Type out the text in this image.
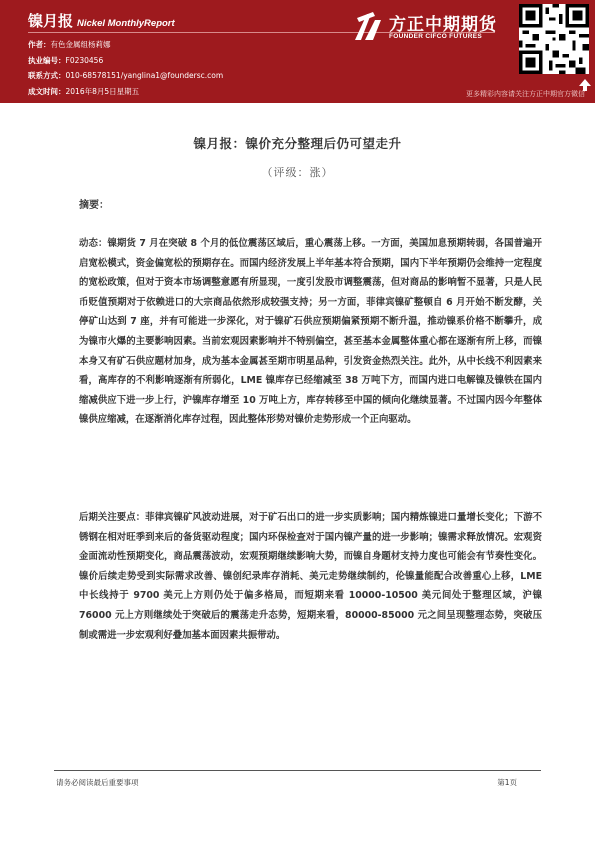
镍月报 Nickel MonthlyReport
作者：有色金属组杨莉娜
执业编号：F0230456
联系方式：010-68578151/yanglina1@foundersc.com
成文时间：2016年8月5日星期五
方正中期期货
FOUNDER CIFCO FUTURES
更多精彩内容请关注方正中期官方微信
镍月报：镍价充分整理后仍可望走升
（评级：涨）
摘要：

动态：镍期货 7 月在突破 8 个月的低位震荡区域后，重心震荡上移。一方面，美国加息预期转弱，各国普遍开启宽松模式，资金偏宽松的预期存在。而国内经济发展上半年基本符合预期，国内下半年预期仍会维持一定程度的宽松政策，但对于资本市场调整意愿有所显现，一度引发股市调整震荡，但对商品的影响暂不显著，只是人民币贬值预期对于依赖进口的大宗商品依然形成较强支持；另一方面，菲律宾镍矿整顿自 6 月开始不断发酵，关停矿山达到 7 座，并有可能进一步深化，对于镍矿石供应预期偏紧预期不断升温，推动镍系价格不断攀升，成为镍市火爆的主要影响因素。当前宏观因素影响并不特别偏空，甚至基本金属整体重心都在逐渐有所上移，而镍本身又有矿石供应题材加身，成为基本金属甚至期市明星品种，引发资金热烈关注。此外，从中长线不利因素来看，高库存的不利影响逐渐有所弱化，LME 镍库存已经缩减至 38 万吨下方，而国内进口电解镍及镍铁在国内缩减供应下进一步上行，沪镍库存增至 10 万吨上方，库存转移至中国的倾向化继续显著。不过国内因今年整体镍供应缩减，在逐渐消化库存过程，因此整体形势对镍价走势形成一个正向驱动。

后期关注要点：菲律宾镍矿风波动进展，对于矿石出口的进一步实质影响；国内精炼镍进口量增长变化；下游不锈钢在相对旺季到来后的备货驱动程度；国内环保检查对于国内镍产量的进一步影响；镍需求释放情况。宏观资金面流动性预期变化，商品震荡波动，宏观预期继续影响大势，而镍自身题材支持力度也可能会有节奏性变化。镍价后续走势受到实际需求改善、镍创纪录库存消耗、美元走势继续制约，伦镍量能配合改善重心上移，LME 中长线持于 9700 美元上方则仍处于偏多格局，而短期来看 10000-10500 美元间处于整理区域，沪镍 76000 元上方则继续处于突破后的震荡走升态势，短期来看，80000-85000 元之间呈现整理态势，突破压制或需进一步宏观利好叠加基本面因素共振带动。

请务必阅读最后重要事项	第1页
